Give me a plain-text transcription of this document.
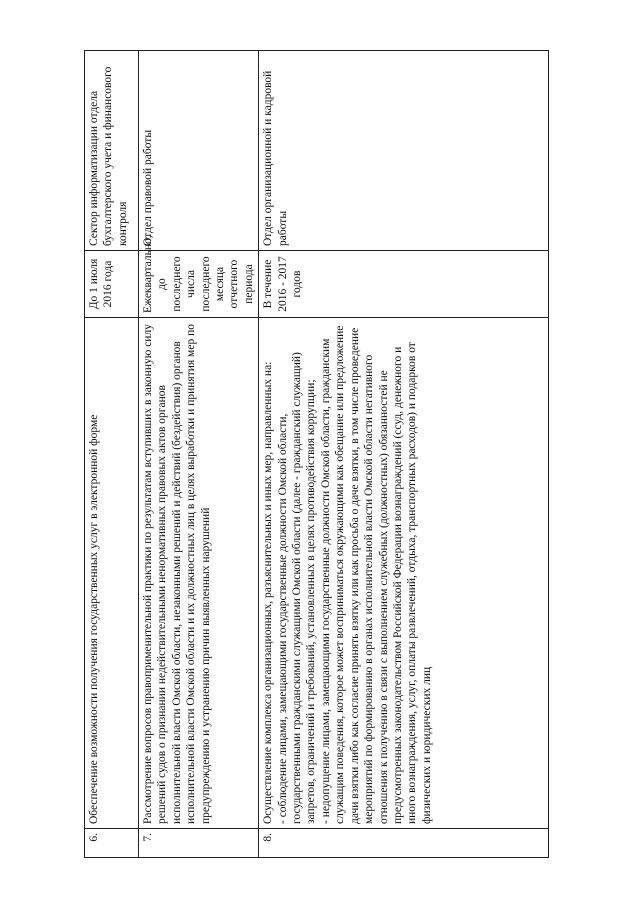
6.	Обеспечение возможности получения государственных услуг в электронной форме	До 1 июля 2016 года	Сектор информатизации отдела бухгалтерского учета и финансового контроля
7.	Рассмотрение вопросов правоприменительной практики по результатам вступивших в законную силу решений судов о признании недействительными ненормативных правовых актов органов исполнительной власти Омской области, незаконными решений и действий (бездействия) органов исполнительной власти Омской области и их должностных лиц в целях выработки и принятия мер по предупреждению и устранению причин выявленных нарушений	Ежеквартально, до последнего числа последнего месяца отчетного периода	Отдел правовой работы
8.	Осуществление комплекса организационных, разъяснительных и иных мер, направленных на: - соблюдение лицами, замещающими государственные должности Омской области, государственными гражданскими служащими Омской области (далее - гражданский служащий) запретов, ограничений и требований, установленных в целях противодействия коррупции; - недопущение лицами, замещающими государственные должности Омской области, гражданским служащим поведения, которое может восприниматься окружающими как обещание или предложение дачи взятки либо как согласие принять взятку или как просьба о даче взятки, в том числе проведение мероприятий по формированию в органах исполнительной власти Омской области негативного отношения к получению в связи с выполнением служебных (должностных) обязанностей не предусмотренных законодательством Российской Федерации вознаграждений (ссуд, денежного и иного вознаграждения, услуг, оплаты развлечений, отдыха, транспортных расходов) и подарков от физических и юридических лиц	В течение 2016 - 2017 годов	Отдел организационной и кадровой работы
